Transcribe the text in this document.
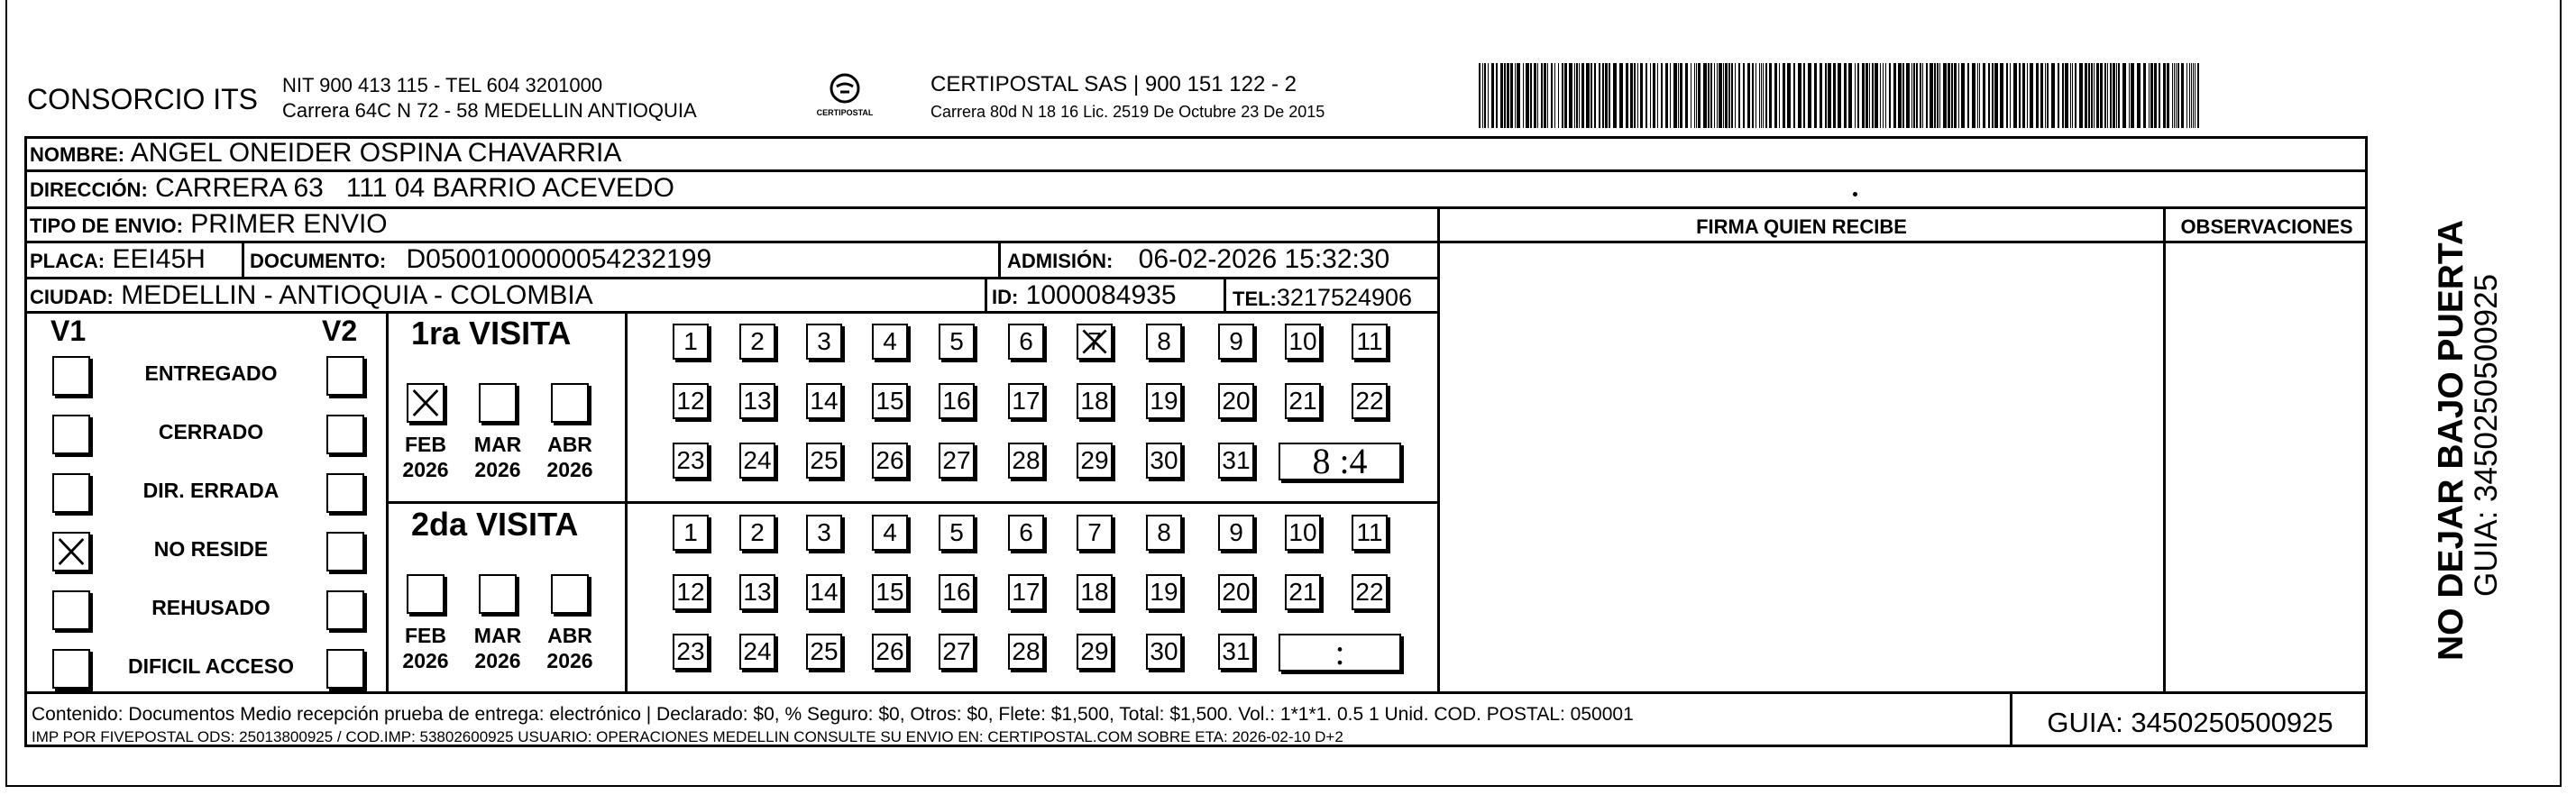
CONSORCIO ITS NIT 900 413 115 - TEL 604 3201000
Carrera 64C N 72 - 58 MEDELLIN ANTIOQUIA	CERTIPOSTAL
CERTIPOSTAL SAS | 900 151 122 - 2
Carrera 80d N 18 16 Lic. 2519 De Octubre 23 De 2015
NOMBRE: ANGEL ONEIDER OSPINA CHAVARRIA
DIRECCIÓN: CARRERA 63   111 04 BARRIO ACEVEDO
TIPO DE ENVIO: PRIMER ENVIO
PLACA: EEI45H DOCUMENTO: D0500100000054232199	ADMISIÓN: 06-02-2026 15:32:30
CIUDAD: MEDELLIN - ANTIOQUIA - COLOMBIA	ID: 1000084935	TEL:3217524906
FIRMA QUIEN RECIBE	OBSERVACIONES
Contenido: Documentos Medio recepción prueba de entrega: electrónico | Declarado: $0, % Seguro: $0, Otros: $0, Flete: $1,500, Total: $1,500. Vol.: 1*1*1. 0.5 1 Unid. COD. POSTAL: 050001
IMP POR FIVEPOSTAL ODS: 25013800925 / COD.IMP: 53802600925 USUARIO: OPERACIONES MEDELLIN CONSULTE SU ENVIO EN: CERTIPOSTAL.COM SOBRE ETA: 2026-02-10 D+2	GUIA: 3450250500925
NO DEJAR BAJO PUERTA
GUIA: 3450250500925
V1	V2
ENTREGADO
CERRADO
DIR. ERRADA
NO RESIDE
REHUSADO
DIFICIL ACCESO
1ra VISITA
FEB
2026
MAR
2026
ABR
2026
1	2	3	4	5	6	7	8	9	10 11
12 13 14 15 16 17 18 19 20 21 22
23 24 25 26 27 28 29 30 31	8 :4
2da VISITA
FEB
2026
MAR
2026
ABR
2026
1	2	3	4	5	6	7	8	9	10 11
12 13 14 15 16 17 18 19 20 21 22
23 24 25 26 27 28 29 30 31	:
